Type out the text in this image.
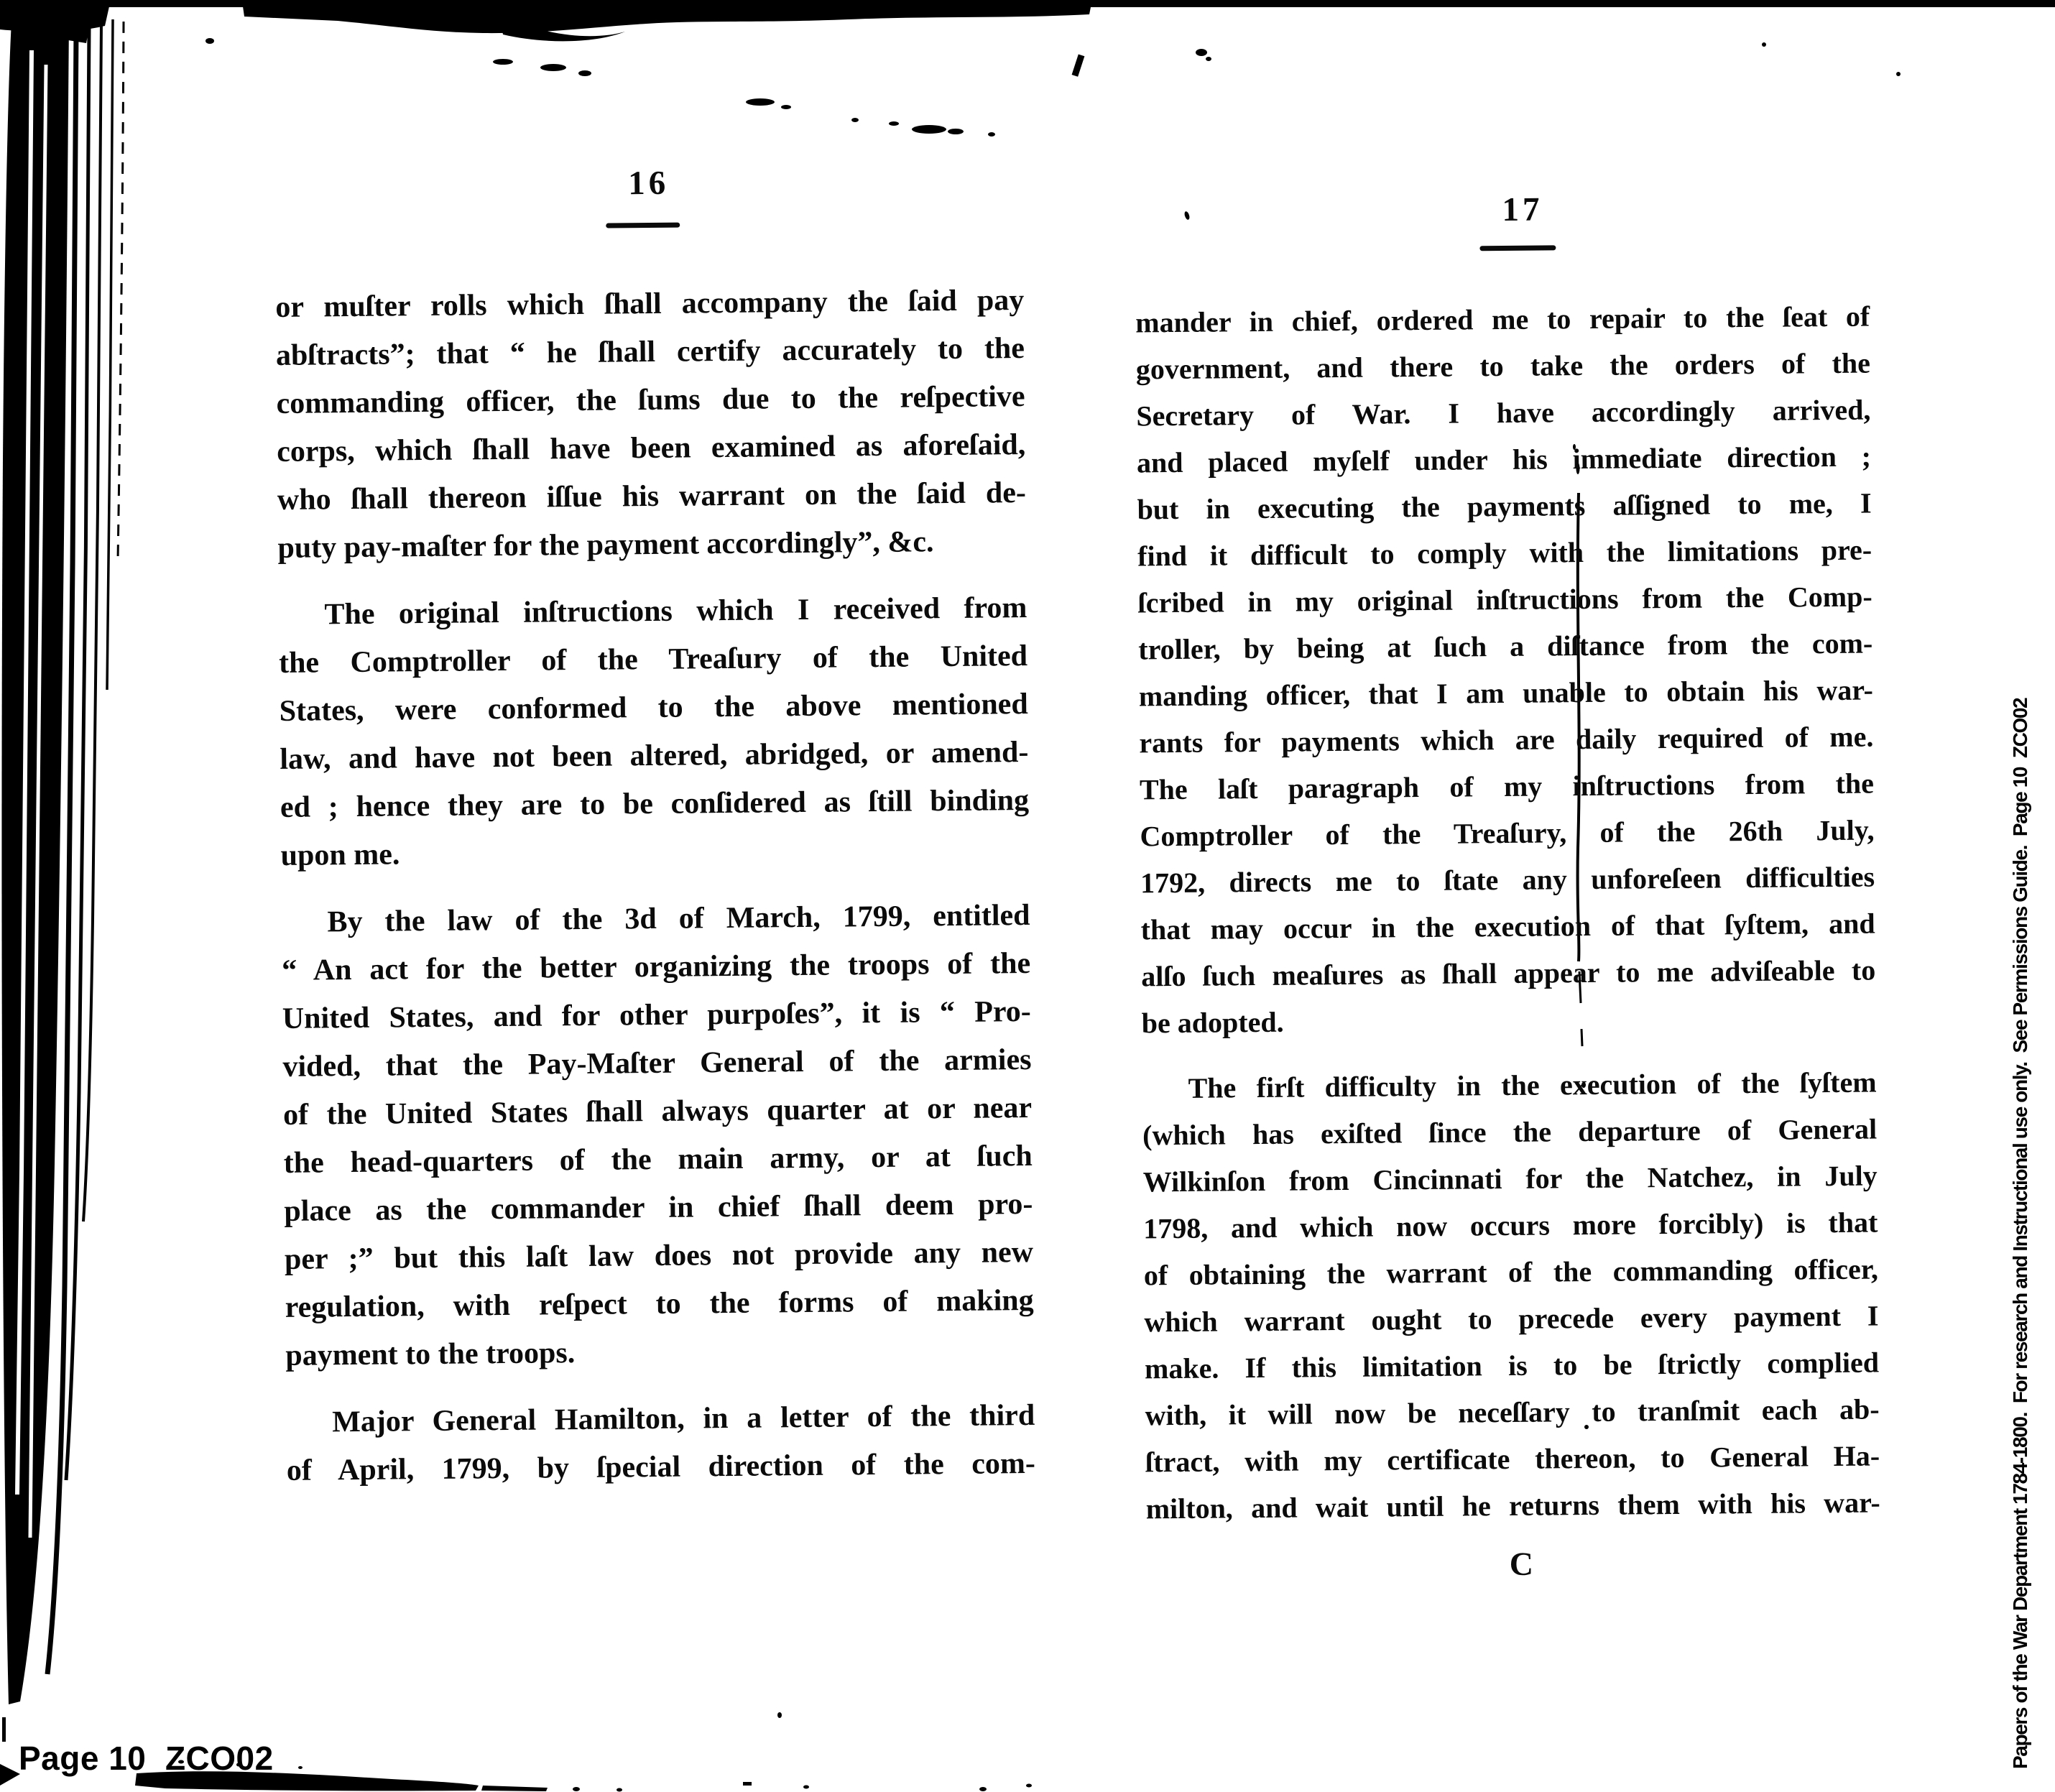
16
or muſter rolls which ſhall accompany the ſaid pay
abſtracts”; that “ he ſhall certify accurately to the
commanding officer, the ſums due to the reſpective
corps, which ſhall have been examined as aforeſaid,
who ſhall thereon iſſue his warrant on the ſaid de-
puty pay-maſter for the payment accordingly”, &c.
The original inſtructions which I received from
the Comptroller of the Treaſury of the United
States, were conformed to the above mentioned
law, and have not been altered, abridged, or amend-
ed ; hence they are to be conſidered as ſtill binding
upon me.
By the law of the 3d of March, 1799, entitled
“ An act for the better organizing the troops of the
United States, and for other purpoſes”, it is “ Pro-
vided, that the Pay-Maſter General of the armies
of the United States ſhall always quarter at or near
the head-quarters of the main army, or at ſuch
place as the commander in chief ſhall deem pro-
per ;” but this laſt law does not provide any new
regulation, with reſpect to the forms of making
payment to the troops.
Major General Hamilton, in a letter of the third
of April, 1799, by ſpecial direction of the com-
17
mander in chief, ordered me to repair to the ſeat of
government, and there to take the orders of the
Secretary of War. I have accordingly arrived,
and placed myſelf under his immediate direction ;
but in executing the payments aſſigned to me, I
find it difficult to comply with the limitations pre-
ſcribed in my original inſtructions from the Comp-
troller, by being at ſuch a diſtance from the com-
manding officer, that I am unable to obtain his war-
rants for payments which are daily required of me.
The laſt paragraph of my inſtructions from the
Comptroller of the Treaſury, of the 26th July,
1792, directs me to ſtate any unforeſeen difficulties
that may occur in the execution of that ſyſtem, and
alſo ſuch meaſures as ſhall appear to me adviſeable to
be adopted.
The firſt difficulty in the execution of the ſyſtem
(which has exiſted ſince the departure of General
Wilkinſon from Cincinnati for the Natchez, in July
1798, and which now occurs more forcibly) is that
of obtaining the warrant of the commanding officer,
which warrant ought to precede every payment I
make. If this limitation is to be ſtrictly complied
with, it will now be neceſſary to tranſmit each ab-
ſtract, with my certificate thereon, to General Ha-
milton, and wait until he returns them with his war-
C
Page 10  ZCO02	Papers of the War Department 1784-1800.  For research and Instructional use only.  See Permissions Guide.  Page 10  ZCO02
